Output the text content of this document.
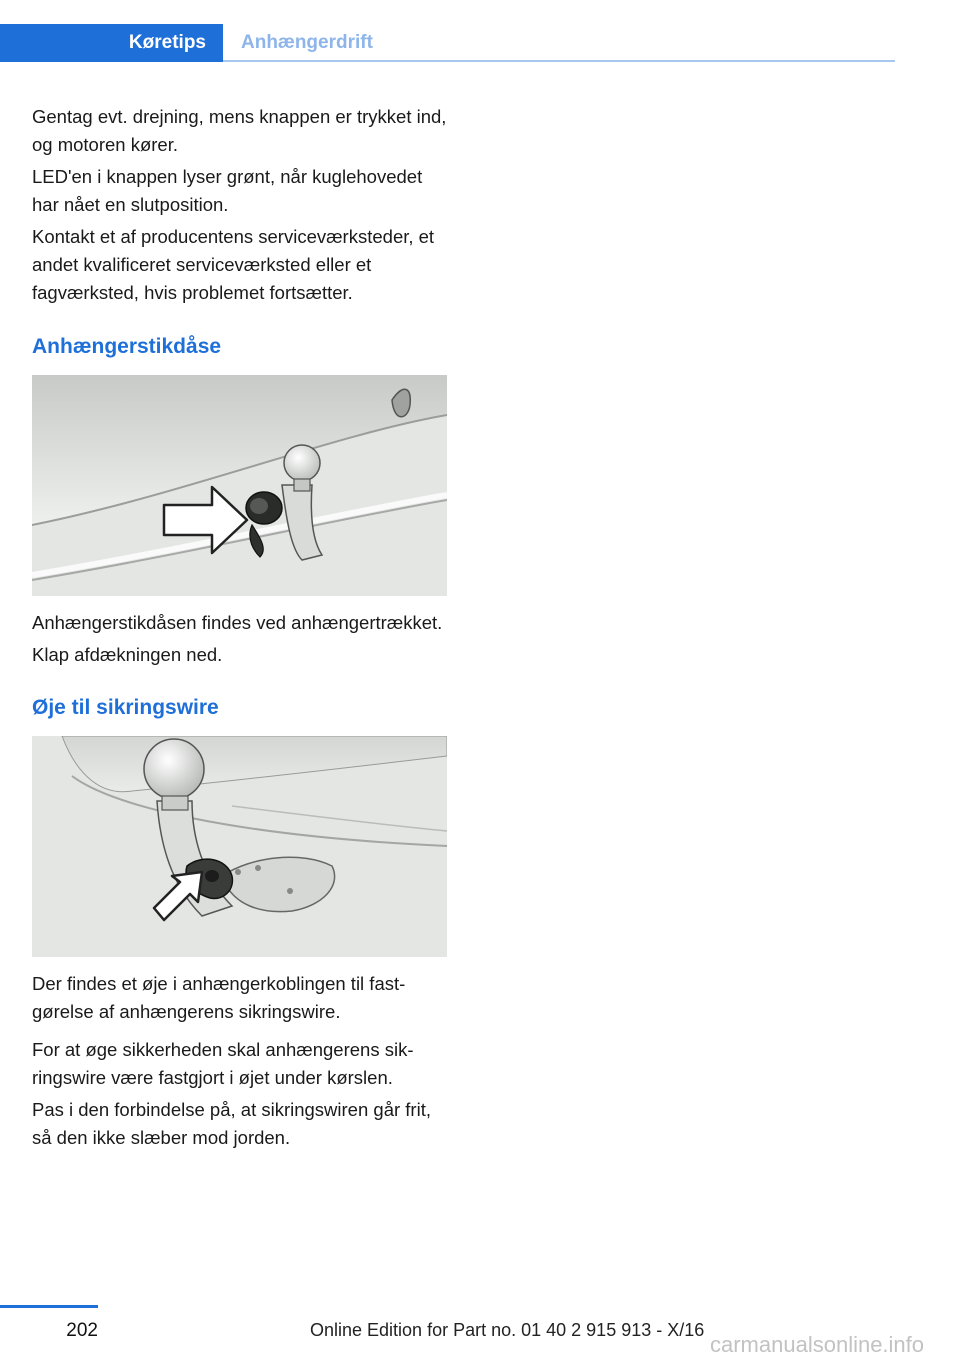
Køretips	Anhængerdrift

Gentag evt. drejning, mens knappen er trykket ind, og motoren kører.

LED'en i knappen lyser grønt, når kuglehovedet har nået en slutposition.

Kontakt et af producentens serviceværksteder, et andet kvalificeret serviceværksted eller et fagværksted, hvis problemet fortsætter.

Anhængerstikdåse

Anhængerstikdåsen findes ved anhængertrækket.

Klap afdækningen ned.

Øje til sikringswire

Der findes et øje i anhængerkoblingen til fastgørelse af anhængerens sikringswire.

For at øge sikkerheden skal anhængerens sikringswire være fastgjort i øjet under kørslen.

Pas i den forbindelse på, at sikringswiren går frit, så den ikke slæber mod jorden.

202	Online Edition for Part no. 01 40 2 915 913 - X/16
carmanualsonline.info
